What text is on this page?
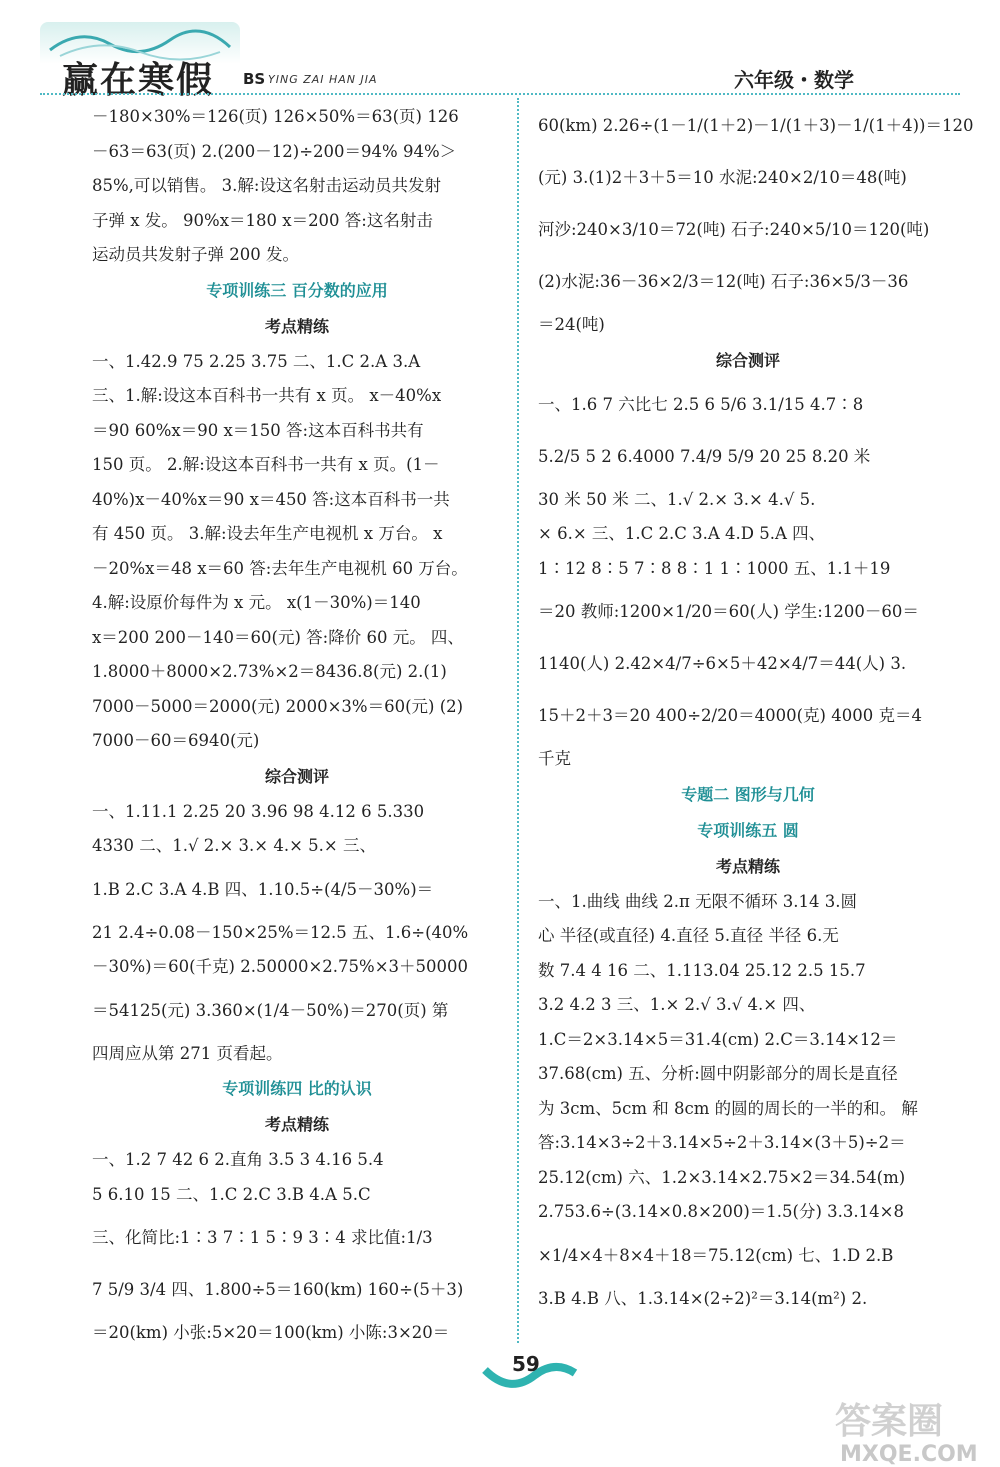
赢在寒假 BS YING ZAI HAN JIA	六年级・数学
－180×30%＝126(页) 126×50%＝63(页) 126
－63＝63(页) 2.(200－12)÷200＝94% 94%＞
85%,可以销售。 3.解:设这名射击运动员共发射
子弹 x 发。 90%x＝180 x＝200 答:这名射击
运动员共发射子弹 200 发。
专项训练三 百分数的应用
考点精练
一、1.42.9 75 2.25 3.75 二、1.C 2.A 3.A
三、1.解:设这本百科书一共有 x 页。 x－40%x
＝90 60%x＝90 x＝150 答:这本百科书共有
150 页。 2.解:设这本百科书一共有 x 页。(1－
40%)x－40%x＝90 x＝450 答:这本百科书一共
有 450 页。 3.解:设去年生产电视机 x 万台。 x
－20%x＝48 x＝60 答:去年生产电视机 60 万台。
4.解:设原价每件为 x 元。 x(1－30%)＝140
x＝200 200－140＝60(元) 答:降价 60 元。 四、
1.8000＋8000×2.73%×2＝8436.8(元) 2.(1)
7000－5000＝2000(元) 2000×3%＝60(元) (2)
7000－60＝6940(元)
综合测评
一、1.11.1 2.25 20 3.96 98 4.12 6 5.330
4330 二、1.√ 2.× 3.× 4.× 5.× 三、
1.B 2.C 3.A 4.B 四、1.10.5÷(4/5－30%)＝
21 2.4÷0.08－150×25%＝12.5 五、1.6÷(40%
－30%)＝60(千克) 2.50000×2.75%×3＋50000
＝54125(元) 3.360×(1/4－50%)＝270(页) 第
四周应从第 271 页看起。
专项训练四 比的认识
考点精练
一、1.2 7 42 6 2.直角 3.5 3 4.16 5.4
5 6.10 15 二、1.C 2.C 3.B 4.A 5.C
三、化简比:1∶3 7∶1 5∶9 3∶4 求比值:1/3
7 5/9 3/4 四、1.800÷5＝160(km) 160÷(5＋3)
＝20(km) 小张:5×20＝100(km) 小陈:3×20＝
60(km) 2.26÷(1－1/(1＋2)－1/(1＋3)－1/(1＋4))＝120
(元) 3.(1)2＋3＋5＝10 水泥:240×2/10＝48(吨)
河沙:240×3/10＝72(吨) 石子:240×5/10＝120(吨)
(2)水泥:36－36×2/3＝12(吨) 石子:36×5/3－36
＝24(吨)
综合测评
一、1.6 7 六比七 2.5 6 5/6 3.1/15 4.7∶8
5.2/5 5 2 6.4000 7.4/9 5/9 20 25 8.20 米
30 米 50 米 二、1.√ 2.× 3.× 4.√ 5.
× 6.× 三、1.C 2.C 3.A 4.D 5.A 四、
1∶12 8∶5 7∶8 8∶1 1∶1000 五、1.1＋19
＝20 教师:1200×1/20＝60(人) 学生:1200－60＝
1140(人) 2.42×4/7÷6×5＋42×4/7＝44(人) 3.
15＋2＋3＝20 400÷2/20＝4000(克) 4000 克＝4
千克
专题二 图形与几何
专项训练五 圆
考点精练
一、1.曲线 曲线 2.π 无限不循环 3.14 3.圆
心 半径(或直径) 4.直径 5.直径 半径 6.无
数 7.4 4 16 二、1.113.04 25.12 2.5 15.7
3.2 4.2 3 三、1.× 2.√ 3.√ 4.× 四、
1.C＝2×3.14×5＝31.4(cm) 2.C＝3.14×12＝
37.68(cm) 五、分析:圆中阴影部分的周长是直径
为 3cm、5cm 和 8cm 的圆的周长的一半的和。 解
答:3.14×3÷2＋3.14×5÷2＋3.14×(3＋5)÷2＝
25.12(cm) 六、1.2×3.14×2.75×2＝34.54(m)
2.753.6÷(3.14×0.8×200)＝1.5(分) 3.3.14×8
×1/4×4＋8×4＋18＝75.12(cm) 七、1.D 2.B
3.B 4.B 八、1.3.14×(2÷2)²＝3.14(m²) 2.
59
答案圈
MXQE.COM
